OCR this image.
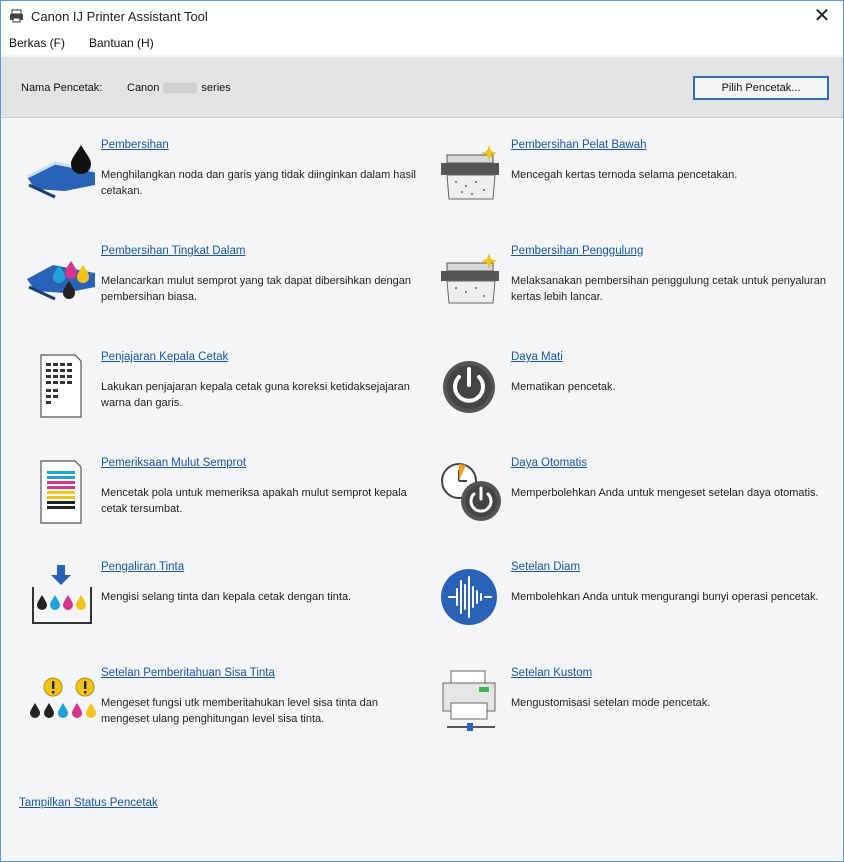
Canon IJ Printer Assistant Tool	✕
Berkas (F) Bantuan (H)
Nama Pencetak: Canon	series	Pilih Pencetak...
Pembersihan
Menghilangkan noda dan garis yang tidak diinginkan dalam hasil cetakan.
Pembersihan Tingkat Dalam
Melancarkan mulut semprot yang tak dapat dibersihkan dengan pembersihan biasa.
Penjajaran Kepala Cetak
Lakukan penjajaran kepala cetak guna koreksi ketidaksejajaran warna dan garis.
Pemeriksaan Mulut Semprot
Mencetak pola untuk memeriksa apakah mulut semprot kepala cetak tersumbat.
Pengaliran Tinta
Mengisi selang tinta dan kepala cetak dengan tinta.
Setelan Pemberitahuan Sisa Tinta
Mengeset fungsi utk memberitahukan level sisa tinta dan mengeset ulang penghitungan level sisa tinta.
Pembersihan Pelat Bawah
Mencegah kertas ternoda selama pencetakan.
Pembersihan Penggulung
Melaksanakan pembersihan penggulung cetak untuk penyaluran kertas lebih lancar.
Daya Mati
Mematikan pencetak.
Daya Otomatis
Memperbolehkan Anda untuk mengeset setelan daya otomatis.
Setelan Diam
Membolehkan Anda untuk mengurangi bunyi operasi pencetak.
Setelan Kustom
Mengustomisasi setelan mode pencetak.
Tampilkan Status Pencetak
